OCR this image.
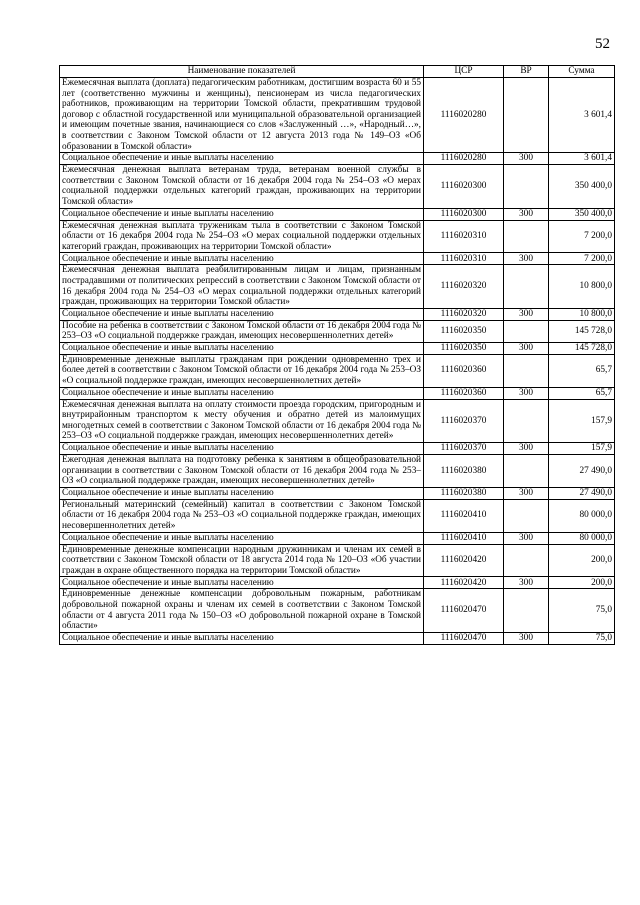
52
Наименование показателей	ЦСР	ВР	Сумма
Ежемесячная выплата (доплата) педагогическим работникам, достигшим возраста 60 и 55 лет (соответственно мужчины и женщины), пенсионерам из числа педагогических работников, проживающим на территории Томской области, прекратившим трудовой договор с областной государственной или муниципальной образовательной организацией и имеющим почетные звания, начинающиеся со слов «Заслуженный …», «Народный…», в соответствии с Законом Томской области от 12 августа 2013 года № 149–ОЗ «Об образовании в Томской области»	1116020280		3 601,4
Социальное обеспечение и иные выплаты населению	1116020280	300	3 601,4
Ежемесячная денежная выплата ветеранам труда, ветеранам военной службы в соответствии с Законом Томской области от 16 декабря 2004 года № 254–ОЗ «О мерах социальной поддержки отдельных категорий граждан, проживающих на территории Томской области»	1116020300		350 400,0
Социальное обеспечение и иные выплаты населению	1116020300	300	350 400,0
Ежемесячная денежная выплата труженикам тыла в соответствии с Законом Томской области от 16 декабря 2004 года № 254–ОЗ «О мерах социальной поддержки отдельных категорий граждан, проживающих на территории Томской области»	1116020310		7 200,0
Социальное обеспечение и иные выплаты населению	1116020310	300	7 200,0
Ежемесячная денежная выплата реабилитированным лицам и лицам, признанным пострадавшими от политических репрессий в соответствии с Законом Томской области от 16 декабря 2004 года № 254–ОЗ «О мерах социальной поддержки отдельных категорий граждан, проживающих на территории Томской области»	1116020320		10 800,0
Социальное обеспечение и иные выплаты населению	1116020320	300	10 800,0
Пособие на ребенка в соответствии с Законом Томской области от 16 декабря 2004 года № 253–ОЗ «О социальной поддержке граждан, имеющих несовершеннолетних детей»	1116020350		145 728,0
Социальное обеспечение и иные выплаты населению	1116020350	300	145 728,0
Единовременные денежные выплаты гражданам при рождении одновременно трех и более детей в соответствии с Законом Томской области от 16 декабря 2004 года № 253–ОЗ «О социальной поддержке граждан, имеющих несовершеннолетних детей»	1116020360		65,7
Социальное обеспечение и иные выплаты населению	1116020360	300	65,7
Ежемесячная денежная выплата на оплату стоимости проезда городским, пригородным и внутрирайонным транспортом к месту обучения и обратно детей из малоимущих многодетных семей в соответствии с Законом Томской области от 16 декабря 2004 года № 253–ОЗ «О социальной поддержке граждан, имеющих несовершеннолетних детей»	1116020370		157,9
Социальное обеспечение и иные выплаты населению	1116020370	300	157,9
Ежегодная денежная выплата на подготовку ребенка к занятиям в общеобразовательной организации в соответствии с Законом Томской области от 16 декабря 2004 года № 253–ОЗ «О социальной поддержке граждан, имеющих несовершеннолетних детей»	1116020380		27 490,0
Социальное обеспечение и иные выплаты населению	1116020380	300	27 490,0
Региональный материнский (семейный) капитал в соответствии с Законом Томской области от 16 декабря 2004 года № 253–ОЗ «О социальной поддержке граждан, имеющих несовершеннолетних детей»	1116020410		80 000,0
Социальное обеспечение и иные выплаты населению	1116020410	300	80 000,0
Единовременные денежные компенсации народным дружинникам и членам их семей в соответствии с Законом Томской области от 18 августа 2014 года № 120–ОЗ «Об участии граждан в охране общественного порядка на территории Томской области»	1116020420		200,0
Социальное обеспечение и иные выплаты населению	1116020420	300	200,0
Единовременные денежные компенсации добровольным пожарным, работникам добровольной пожарной охраны и членам их семей в соответствии с Законом Томской области от 4 августа 2011 года № 150–ОЗ «О добровольной пожарной охране в Томской области»	1116020470		75,0
Социальное обеспечение и иные выплаты населению	1116020470	300	75,0
